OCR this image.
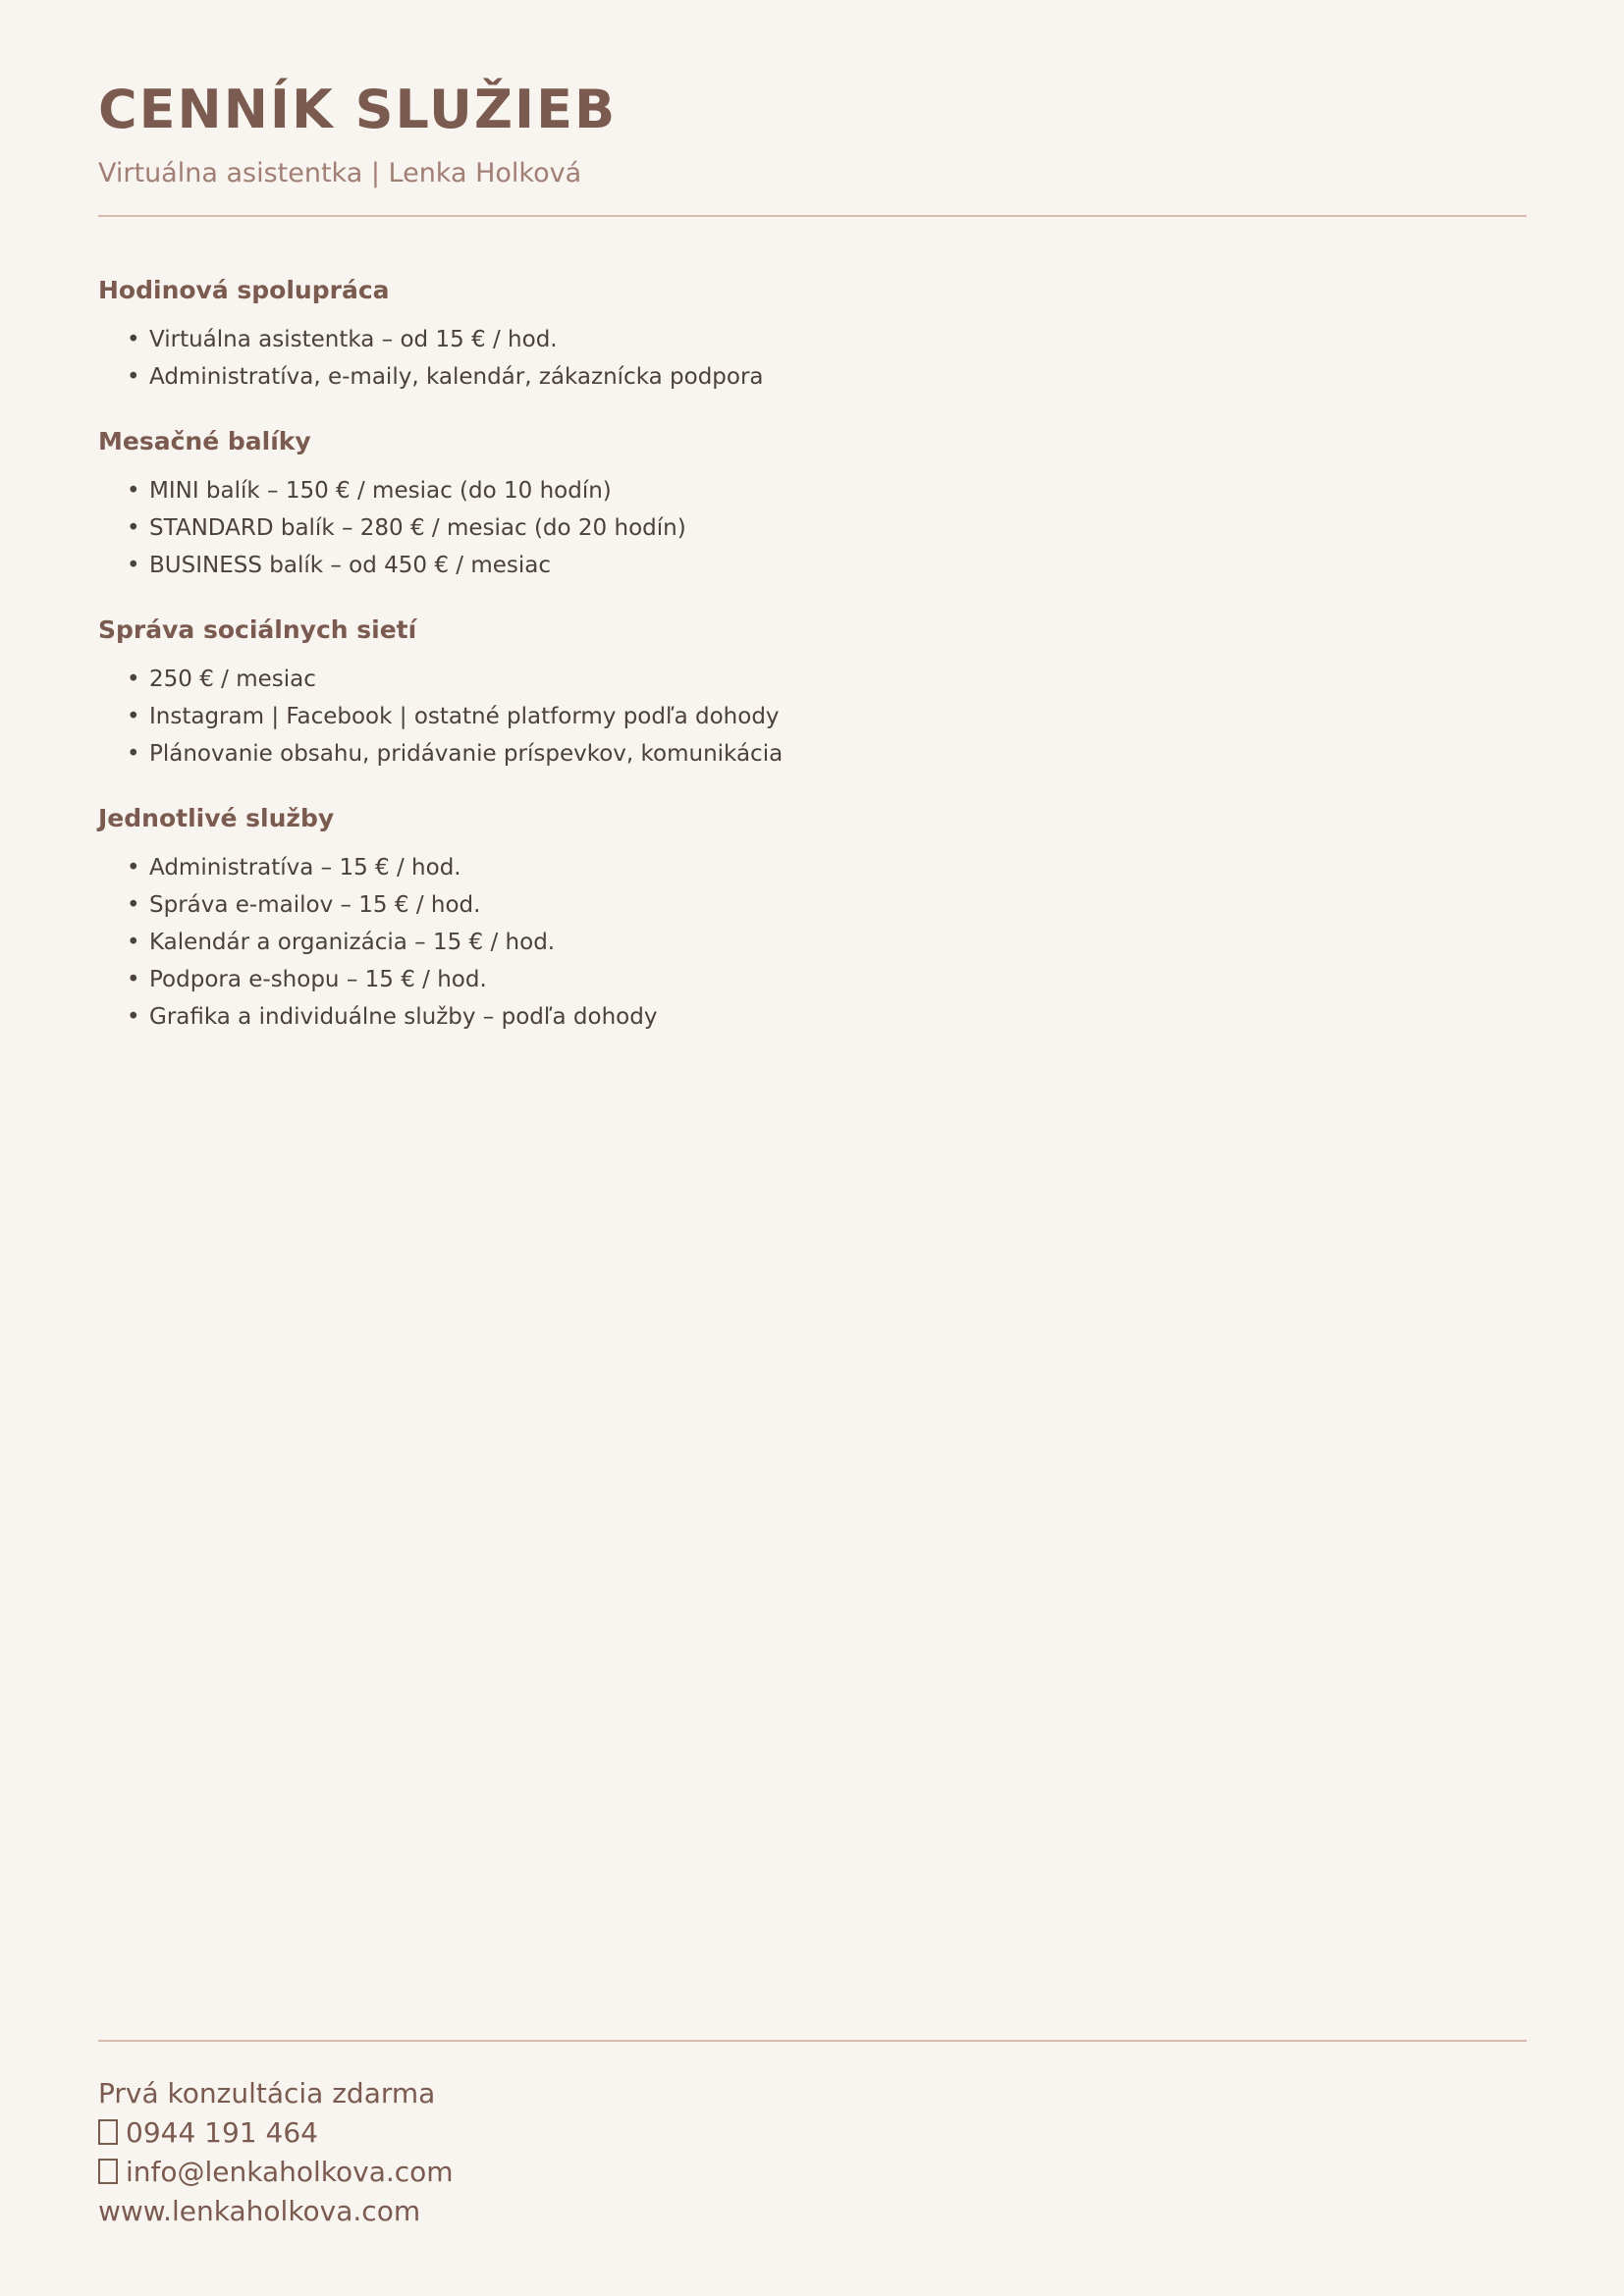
CENNÍK SLUŽIEB

Virtuálna asistentka | Lenka Holková

Hodinová spolupráca
• Virtuálna asistentka – od 15 € / hod.
• Administratíva, e-maily, kalendár, zákaznícka podpora
Mesačné balíky
• MINI balík – 150 € / mesiac (do 10 hodín)
• STANDARD balík – 280 € / mesiac (do 20 hodín)
• BUSINESS balík – od 450 € / mesiac
Správa sociálnych sietí
• 250 € / mesiac
• Instagram | Facebook | ostatné platformy podľa dohody
• Plánovanie obsahu, pridávanie príspevkov, komunikácia
Jednotlivé služby
• Administratíva – 15 € / hod.
• Správa e-mailov – 15 € / hod.
• Kalendár a organizácia – 15 € / hod.
• Podpora e-shopu – 15 € / hod.
• Grafika a individuálne služby – podľa dohody
Prvá konzultácia zdarma
0944 191 464
info@lenkaholkova.com
www.lenkaholkova.com
